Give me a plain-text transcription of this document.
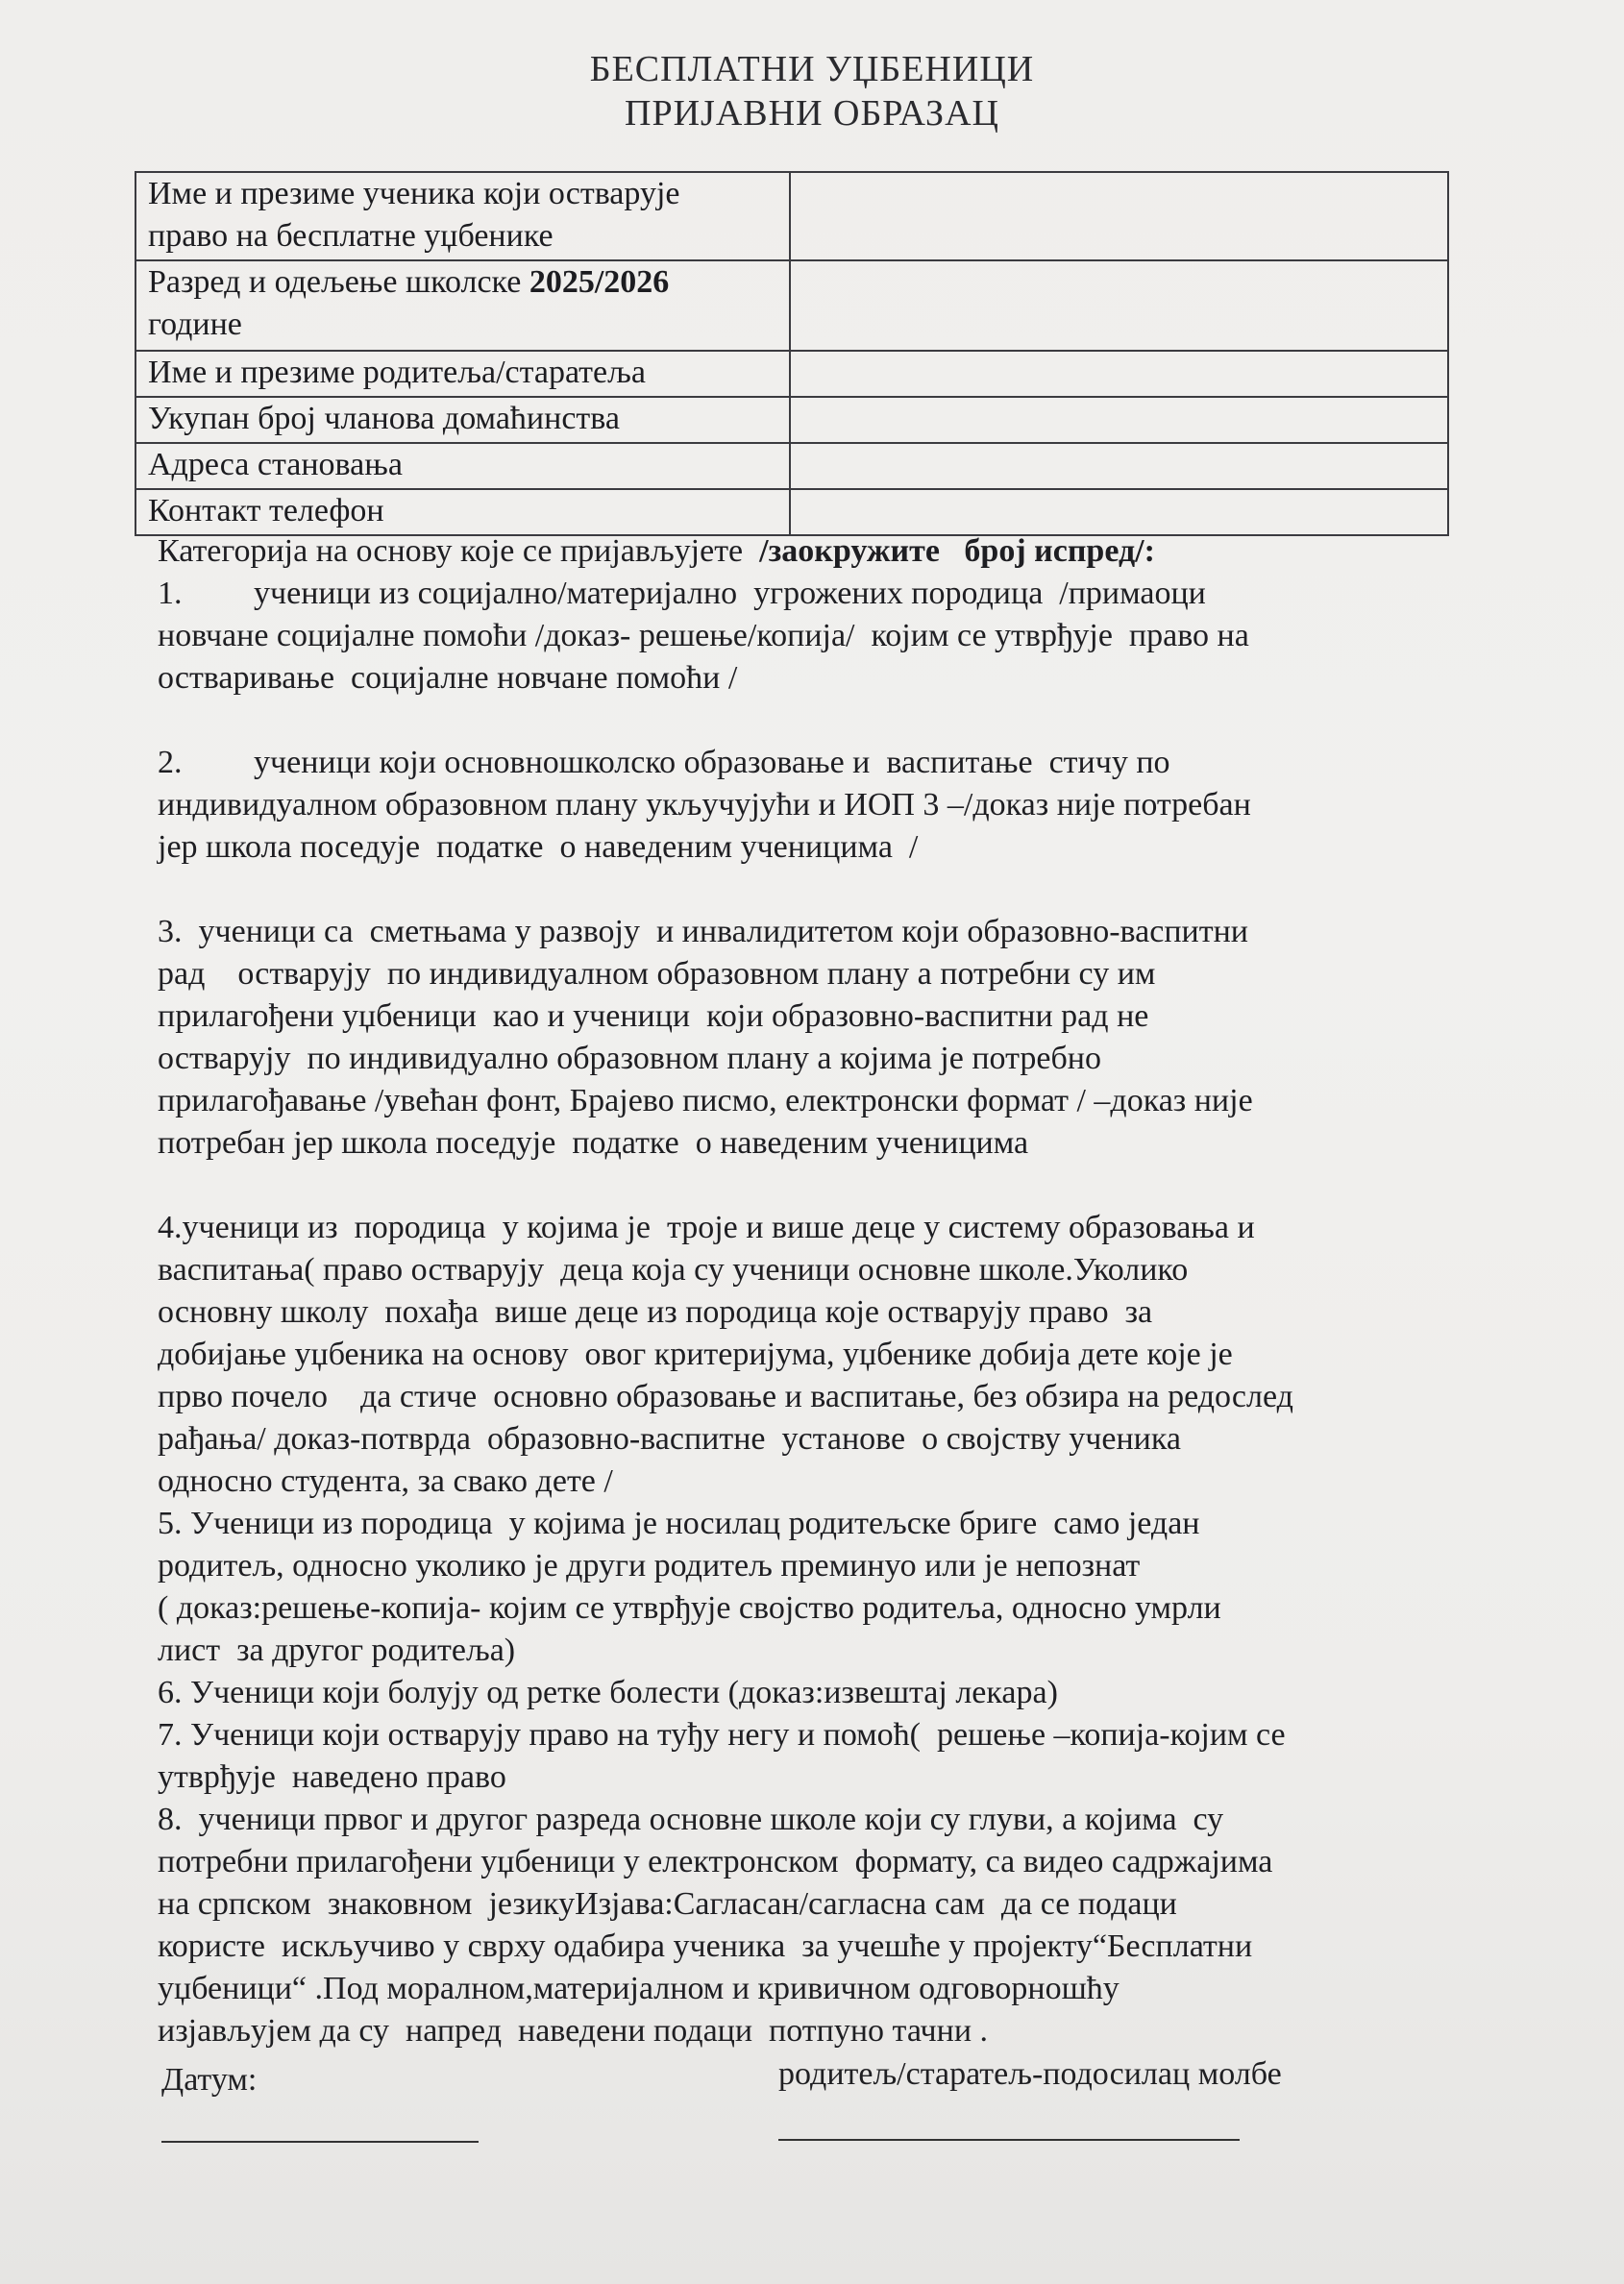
БЕСПЛАТНИ УЏБЕНИЦИ
ПРИЈАВНИ ОБРАЗАЦ
Име и презиме ученика који остварује
право на бесплатне уџбенике	
Разред и одељење школске 2025/2026
године	
Име и презиме родитеља/старатеља	
Укупан број чланова домаћинства	
Адреса становања	
Контакт телефон	

Категорија на основу које се пријављујете  /заокружите   број испред/:

1. ученици из социјално/материјално  угрожених породица  /примаоци

новчане социјалне помоћи /доказ- решење/копија/  којим се утврђује  право на

остваривање  социјалне новчане помоћи /

2. ученици који основношколско образовање и  васпитање  стичу по

индивидуалном образовном плану укључујући и ИОП 3 –/доказ није потребан

јер школа поседује  податке  о наведеним ученицима  /

3.  ученици са  сметњама у развоју  и инвалидитетом који образовно-васпитни

рад    остварују  по индивидуалном образовном плану а потребни су им

прилагођени уџбеници  као и ученици  који образовно-васпитни рад не

остварују  по индивидуално образовном плану а којима је потребно

прилагођавање /увећан фонт, Брајево писмо, електронски формат / –доказ није

потребан јер школа поседује  податке  о наведеним ученицима

4.ученици из  породица  у којима је  троје и више деце у систему образовања и

васпитања( право остварују  деца која су ученици основне школе.Уколико

основну школу  похађа  више деце из породица које остварују право  за

добијање уџбеника на основу  овог критеријума, уџбенике добија дете које је

прво почело    да стиче  основно образовање и васпитање, без обзира на редослед

рађања/ доказ-потврда  образовно-васпитне  установе  о својству ученика

односно студента, за свако дете /

5. Ученици из породица  у којима је носилац родитељске бриге  само један

родитељ, односно уколико је други родитељ преминуо или је непознат

( доказ:решење-копија- којим се утврђује својство родитеља, односно умрли

лист  за другог родитеља)

6. Ученици који болују од ретке болести (доказ:извештај лекара)

7. Ученици који остварују право на туђу негу и помоћ(  решење –копија-којим се

утврђује  наведено право

8.  ученици првог и другог разреда основне школе који су глуви, а којима  су

потребни прилагођени уџбеници у електронском  формату, са видео садржајима

на српском  знаковном  језикуИзјава:Сагласан/сагласна сам  да се подаци

користе  искључиво у сврху одабира ученика  за учешће у пројекту“Бесплатни

уџбеници“ .Под моралном,материјалном и кривичном одговорношћу

изјављујем да су  напред  наведени подаци  потпуно тачни .

Датум:	родитељ/старатељ-подосилац молбе
